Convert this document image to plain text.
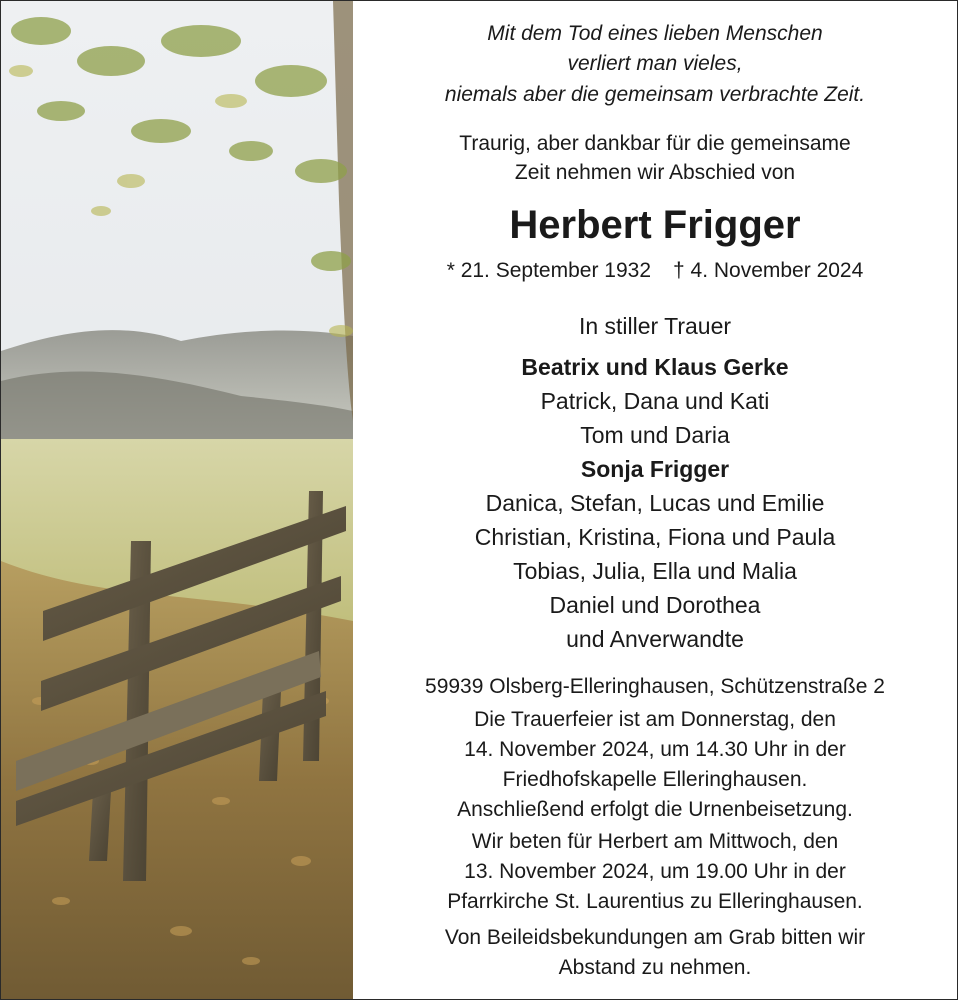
Mit dem Tod eines lieben Menschen
verliert man vieles,
niemals aber die gemeinsam verbrachte Zeit.
Traurig, aber dankbar für die gemeinsame
Zeit nehmen wir Abschied von
Herbert Frigger
* 21. September 1932 † 4. November 2024
In stiller Trauer
Beatrix und Klaus Gerke
Patrick, Dana und Kati
Tom und Daria
Sonja Frigger
Danica, Stefan, Lucas und Emilie
Christian, Kristina, Fiona und Paula
Tobias, Julia, Ella und Malia
Daniel und Dorothea
und Anverwandte
59939 Olsberg-Elleringhausen, Schützenstraße 2
Die Trauerfeier ist am Donnerstag, den
14. November 2024, um 14.30 Uhr in der
Friedhofskapelle Elleringhausen.
Anschließend erfolgt die Urnenbeisetzung.
Wir beten für Herbert am Mittwoch, den
13. November 2024, um 19.00 Uhr in der
Pfarrkirche St. Laurentius zu Elleringhausen.
Von Beileidsbekundungen am Grab bitten wir
Abstand zu nehmen.
